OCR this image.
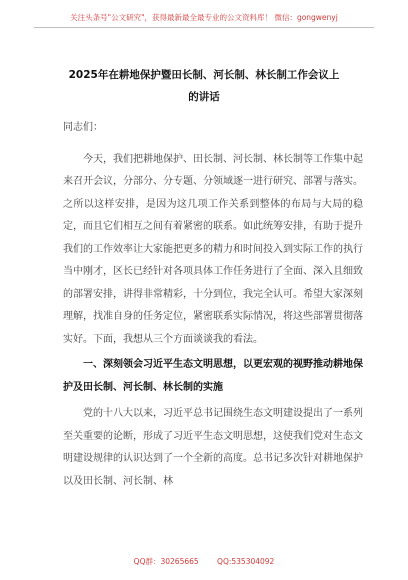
关注头条号"公文研究"，获得最新最全最专业的公文资料库！ 微信：gongwenyj
2025年在耕地保护暨田长制、河长制、林长制工作会议上
的讲话

同志们：

今天，我们把耕地保护、田长制、河长制、林长制等工作集中起来召开会议，分部分、分专题、分领域逐一进行研究、部署与落实。之所以这样安排，是因为这几项工作关系到整体的布局与大局的稳定，而且它们相互之间有着紧密的联系。如此统筹安排，有助于提升我们的工作效率让大家能把更多的精力和时间投入到实际工作的执行当中刚才，区长已经针对各项具体工作任务进行了全面、深入且细致的部署安排，讲得非常精彩，十分到位，我完全认可。希望大家深刻理解，找准自身的任务定位，紧密联系实际情况，将这些部署贯彻落实好。下面，我想从三个方面谈谈我的看法。

一、深刻领会习近平生态文明思想，以更宏观的视野推动耕地保护及田长制、河长制、林长制的实施

党的十八大以来，习近平总书记围绕生态文明建设提出了一系列至关重要的论断，形成了习近平生态文明思想，这使我们党对生态文明建设规律的认识达到了一个全新的高度。总书记多次针对耕地保护以及田长制、河长制、林

QQ群：30265665 QQ:535304092
